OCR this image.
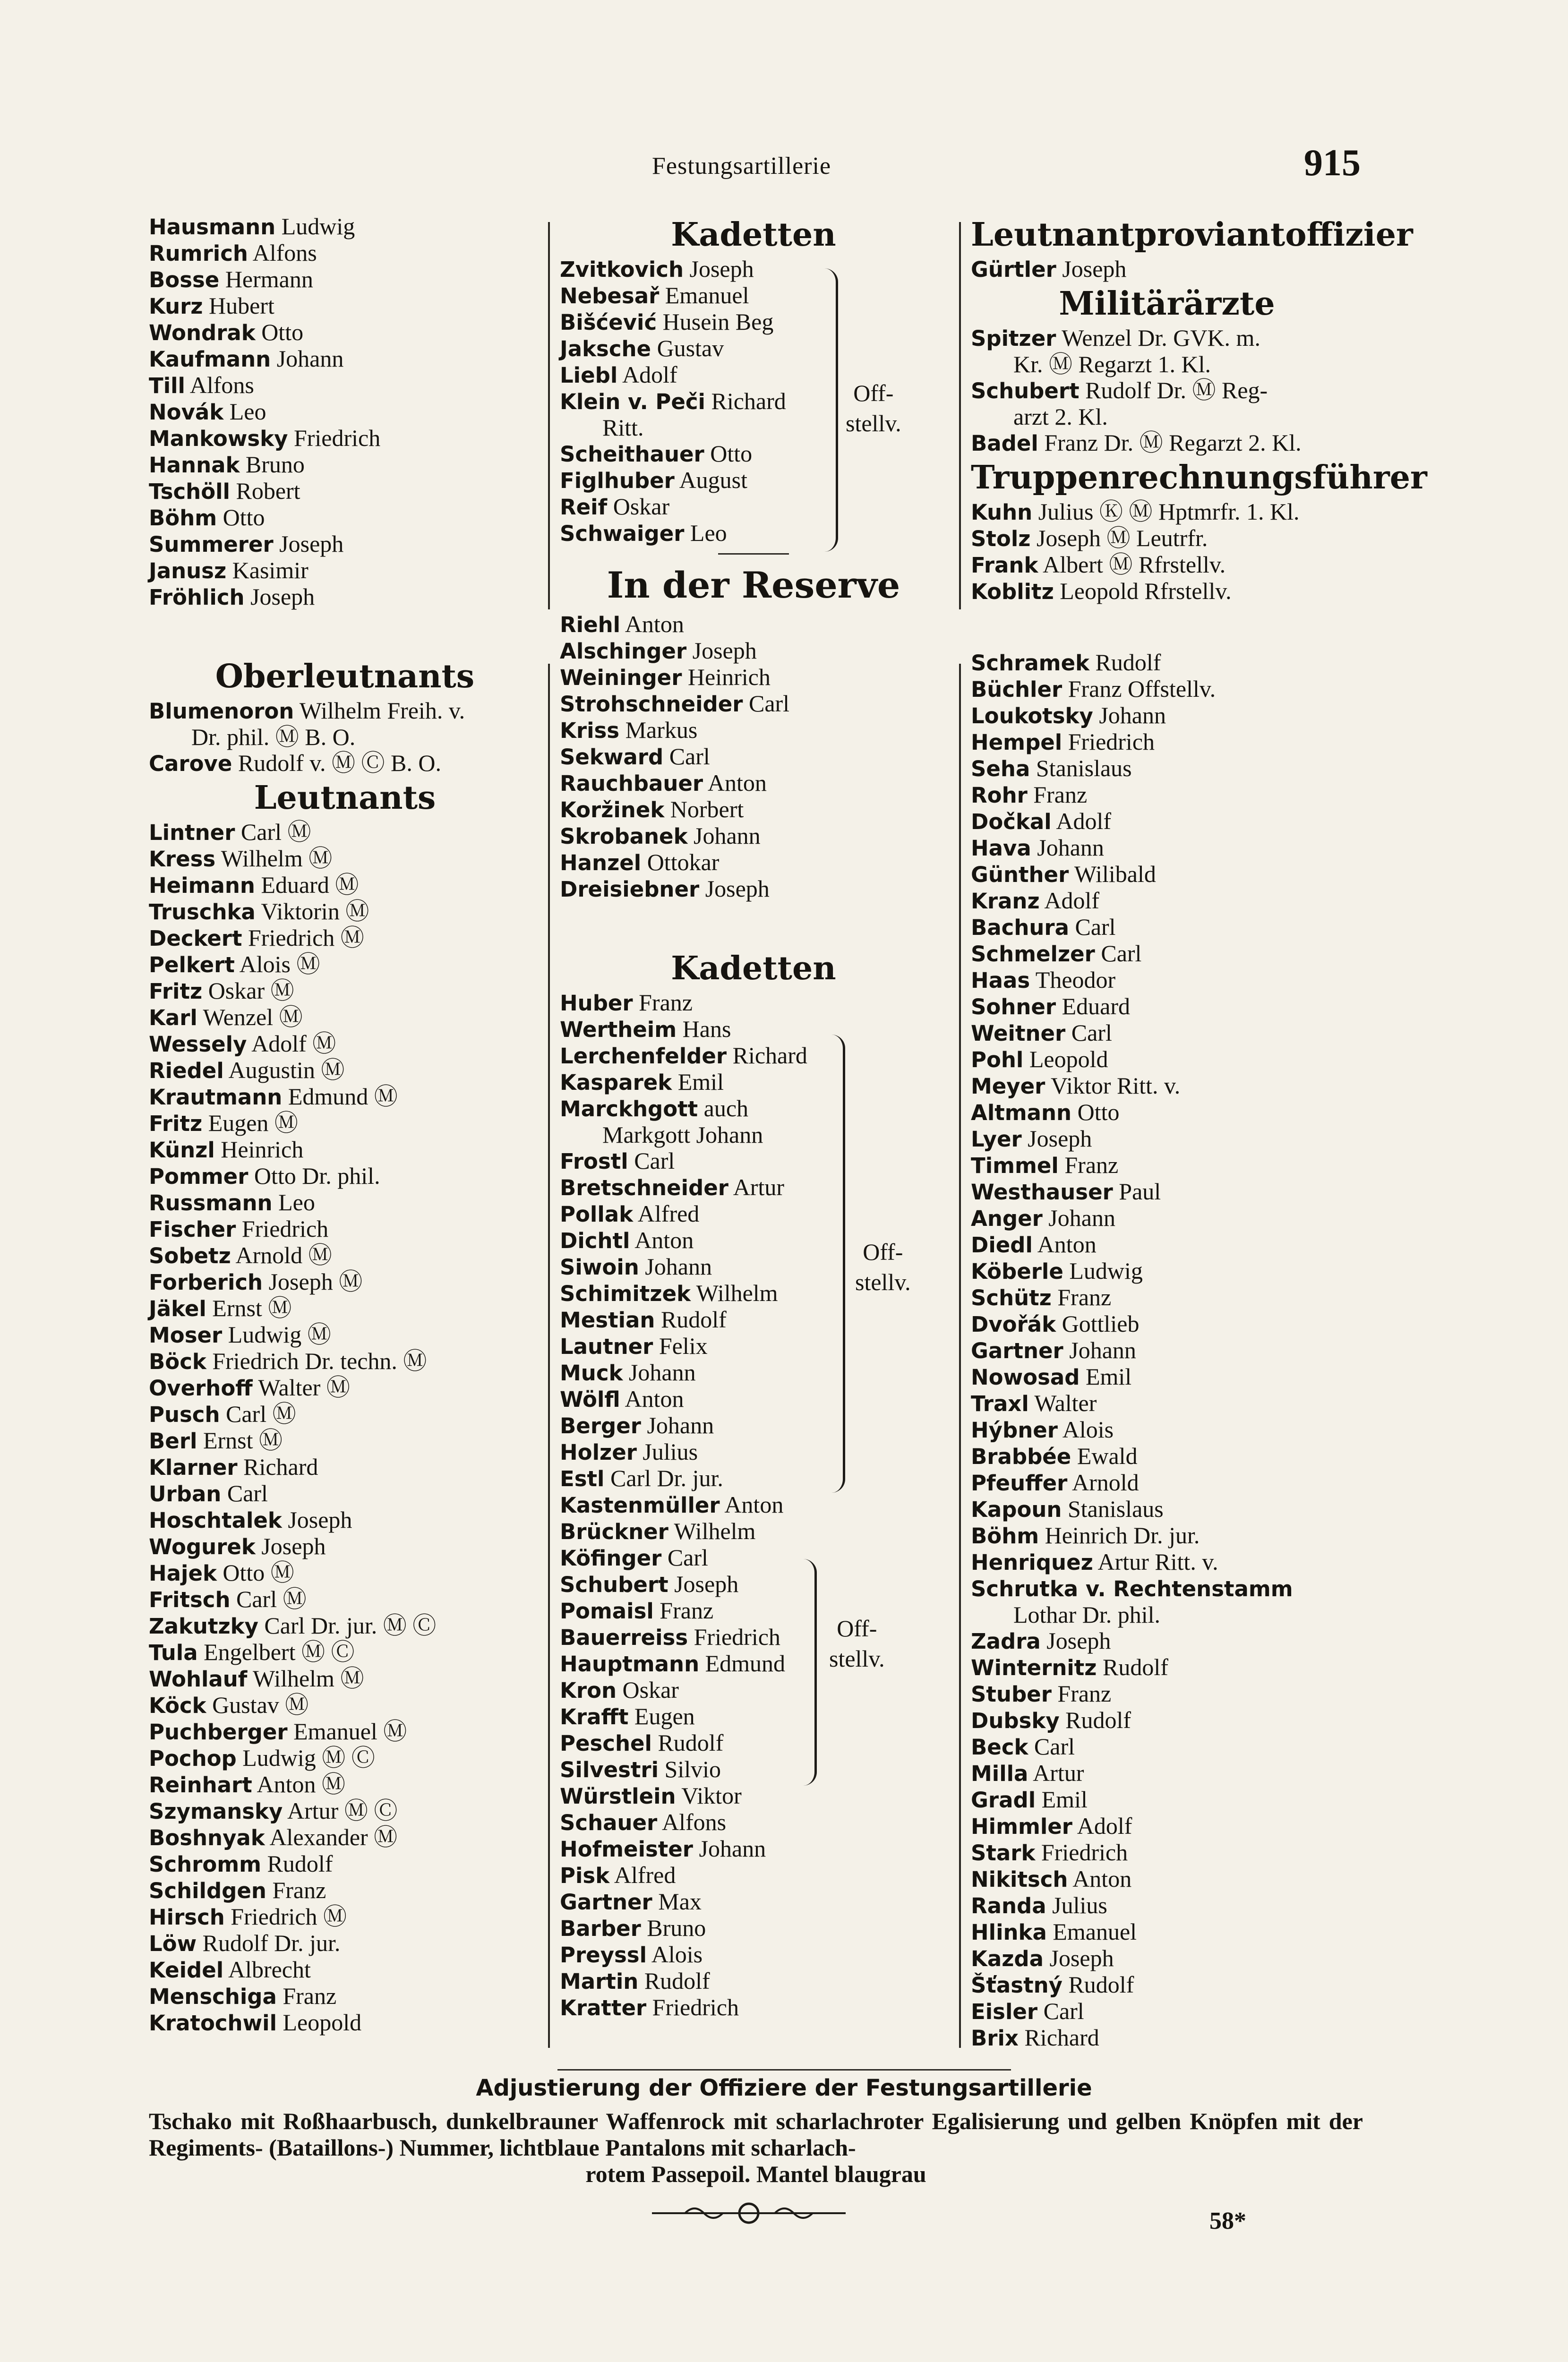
Festungsartillerie	915
Hausmann Ludwig
Rumrich Alfons
Bosse Hermann
Kurz Hubert
Wondrak Otto
Kaufmann Johann
Till Alfons
Novák Leo
Mankowsky Friedrich
Hannak Bruno
Tschöll Robert
Böhm Otto
Summerer Joseph
Janusz Kasimir
Fröhlich Joseph
Oberleutnants
Blumenoron Wilhelm Freih. v.
Dr. phil. Ⓜ B. O.
Carove Rudolf v. Ⓜ Ⓒ B. O.
Leutnants
Lintner Carl Ⓜ
Kress Wilhelm Ⓜ
Heimann Eduard Ⓜ
Truschka Viktorin Ⓜ
Deckert Friedrich Ⓜ
Pelkert Alois Ⓜ
Fritz Oskar Ⓜ
Karl Wenzel Ⓜ
Wessely Adolf Ⓜ
Riedel Augustin Ⓜ
Krautmann Edmund Ⓜ
Fritz Eugen Ⓜ
Künzl Heinrich
Pommer Otto Dr. phil.
Russmann Leo
Fischer Friedrich
Sobetz Arnold Ⓜ
Forberich Joseph Ⓜ
Jäkel Ernst Ⓜ
Moser Ludwig Ⓜ
Böck Friedrich Dr. techn. Ⓜ
Overhoff Walter Ⓜ
Pusch Carl Ⓜ
Berl Ernst Ⓜ
Klarner Richard
Urban Carl
Hoschtalek Joseph
Wogurek Joseph
Hajek Otto Ⓜ
Fritsch Carl Ⓜ
Zakutzky Carl Dr. jur. Ⓜ Ⓒ
Tula Engelbert Ⓜ Ⓒ
Wohlauf Wilhelm Ⓜ
Köck Gustav Ⓜ
Puchberger Emanuel Ⓜ
Pochop Ludwig Ⓜ Ⓒ
Reinhart Anton Ⓜ
Szymansky Artur Ⓜ Ⓒ
Boshnyak Alexander Ⓜ
Schromm Rudolf
Schildgen Franz
Hirsch Friedrich Ⓜ
Löw Rudolf Dr. jur.
Keidel Albrecht
Menschiga Franz
Kratochwil Leopold
Kadetten
Zvitkovich Joseph
Nebesař Emanuel
Bišćević Husein Beg
Jaksche Gustav
Liebl Adolf
Klein v. Peči Richard
Ritt.
Scheithauer Otto
Figlhuber August
Reif Oskar
Schwaiger Leo
In der Reserve
Riehl Anton
Alschinger Joseph
Weininger Heinrich
Strohschneider Carl
Kriss Markus
Sekward Carl
Rauchbauer Anton
Koržinek Norbert
Skrobanek Johann
Hanzel Ottokar
Dreisiebner Joseph
Kadetten
Huber Franz
Wertheim Hans
Lerchenfelder Richard
Kasparek Emil
Marckhgott auch
Markgott Johann
Frostl Carl
Bretschneider Artur
Pollak Alfred
Dichtl Anton
Siwoin Johann
Schimitzek Wilhelm
Mestian Rudolf
Lautner Felix
Muck Johann
Wölfl Anton
Berger Johann
Holzer Julius
Estl Carl Dr. jur.
Kastenmüller Anton
Brückner Wilhelm
Köfinger Carl
Schubert Joseph
Pomaisl Franz
Bauerreiss Friedrich
Hauptmann Edmund
Kron Oskar
Krafft Eugen
Peschel Rudolf
Silvestri Silvio
Würstlein Viktor
Schauer Alfons
Hofmeister Johann
Pisk Alfred
Gartner Max
Barber Bruno
Preyssl Alois
Martin Rudolf
Kratter Friedrich
Off-
stellv.
Off-
stellv.
Off-
stellv.
Leutnantproviantoffizier
Gürtler Joseph
Militärärzte
Spitzer Wenzel Dr. GVK. m.
Kr. Ⓜ Regarzt 1. Kl.
Schubert Rudolf Dr. Ⓜ Reg-
arzt 2. Kl.
Badel Franz Dr. Ⓜ Regarzt 2. Kl.
Truppenrechnungsführer
Kuhn Julius Ⓚ Ⓜ Hptmrfr. 1. Kl.
Stolz Joseph Ⓜ Leutrfr.
Frank Albert Ⓜ Rfrstellv.
Koblitz Leopold Rfrstellv.
Schramek Rudolf
Büchler Franz Offstellv.
Loukotsky Johann
Hempel Friedrich
Seha Stanislaus
Rohr Franz
Dočkal Adolf
Hava Johann
Günther Wilibald
Kranz Adolf
Bachura Carl
Schmelzer Carl
Haas Theodor
Sohner Eduard
Weitner Carl
Pohl Leopold
Meyer Viktor Ritt. v.
Altmann Otto
Lyer Joseph
Timmel Franz
Westhauser Paul
Anger Johann
Diedl Anton
Köberle Ludwig
Schütz Franz
Dvořák Gottlieb
Gartner Johann
Nowosad Emil
Traxl Walter
Hýbner Alois
Brabbée Ewald
Pfeuffer Arnold
Kapoun Stanislaus
Böhm Heinrich Dr. jur.
Henriquez Artur Ritt. v.
Schrutka v. Rechtenstamm
Lothar Dr. phil.
Zadra Joseph
Winternitz Rudolf
Stuber Franz
Dubsky Rudolf
Beck Carl
Milla Artur
Gradl Emil
Himmler Adolf
Stark Friedrich
Nikitsch Anton
Randa Julius
Hlinka Emanuel
Kazda Joseph
Šťastný Rudolf
Eisler Carl
Brix Richard
Adjustierung der Offiziere der Festungsartillerie
Tschako mit Roßhaarbusch, dunkelbrauner Waffenrock mit scharlachroter Egalisierung und gelben Knöpfen mit der Regiments- (Bataillons-) Nummer, lichtblaue Pantalons mit scharlach-
rotem Passepoil. Mantel blaugrau
58*
